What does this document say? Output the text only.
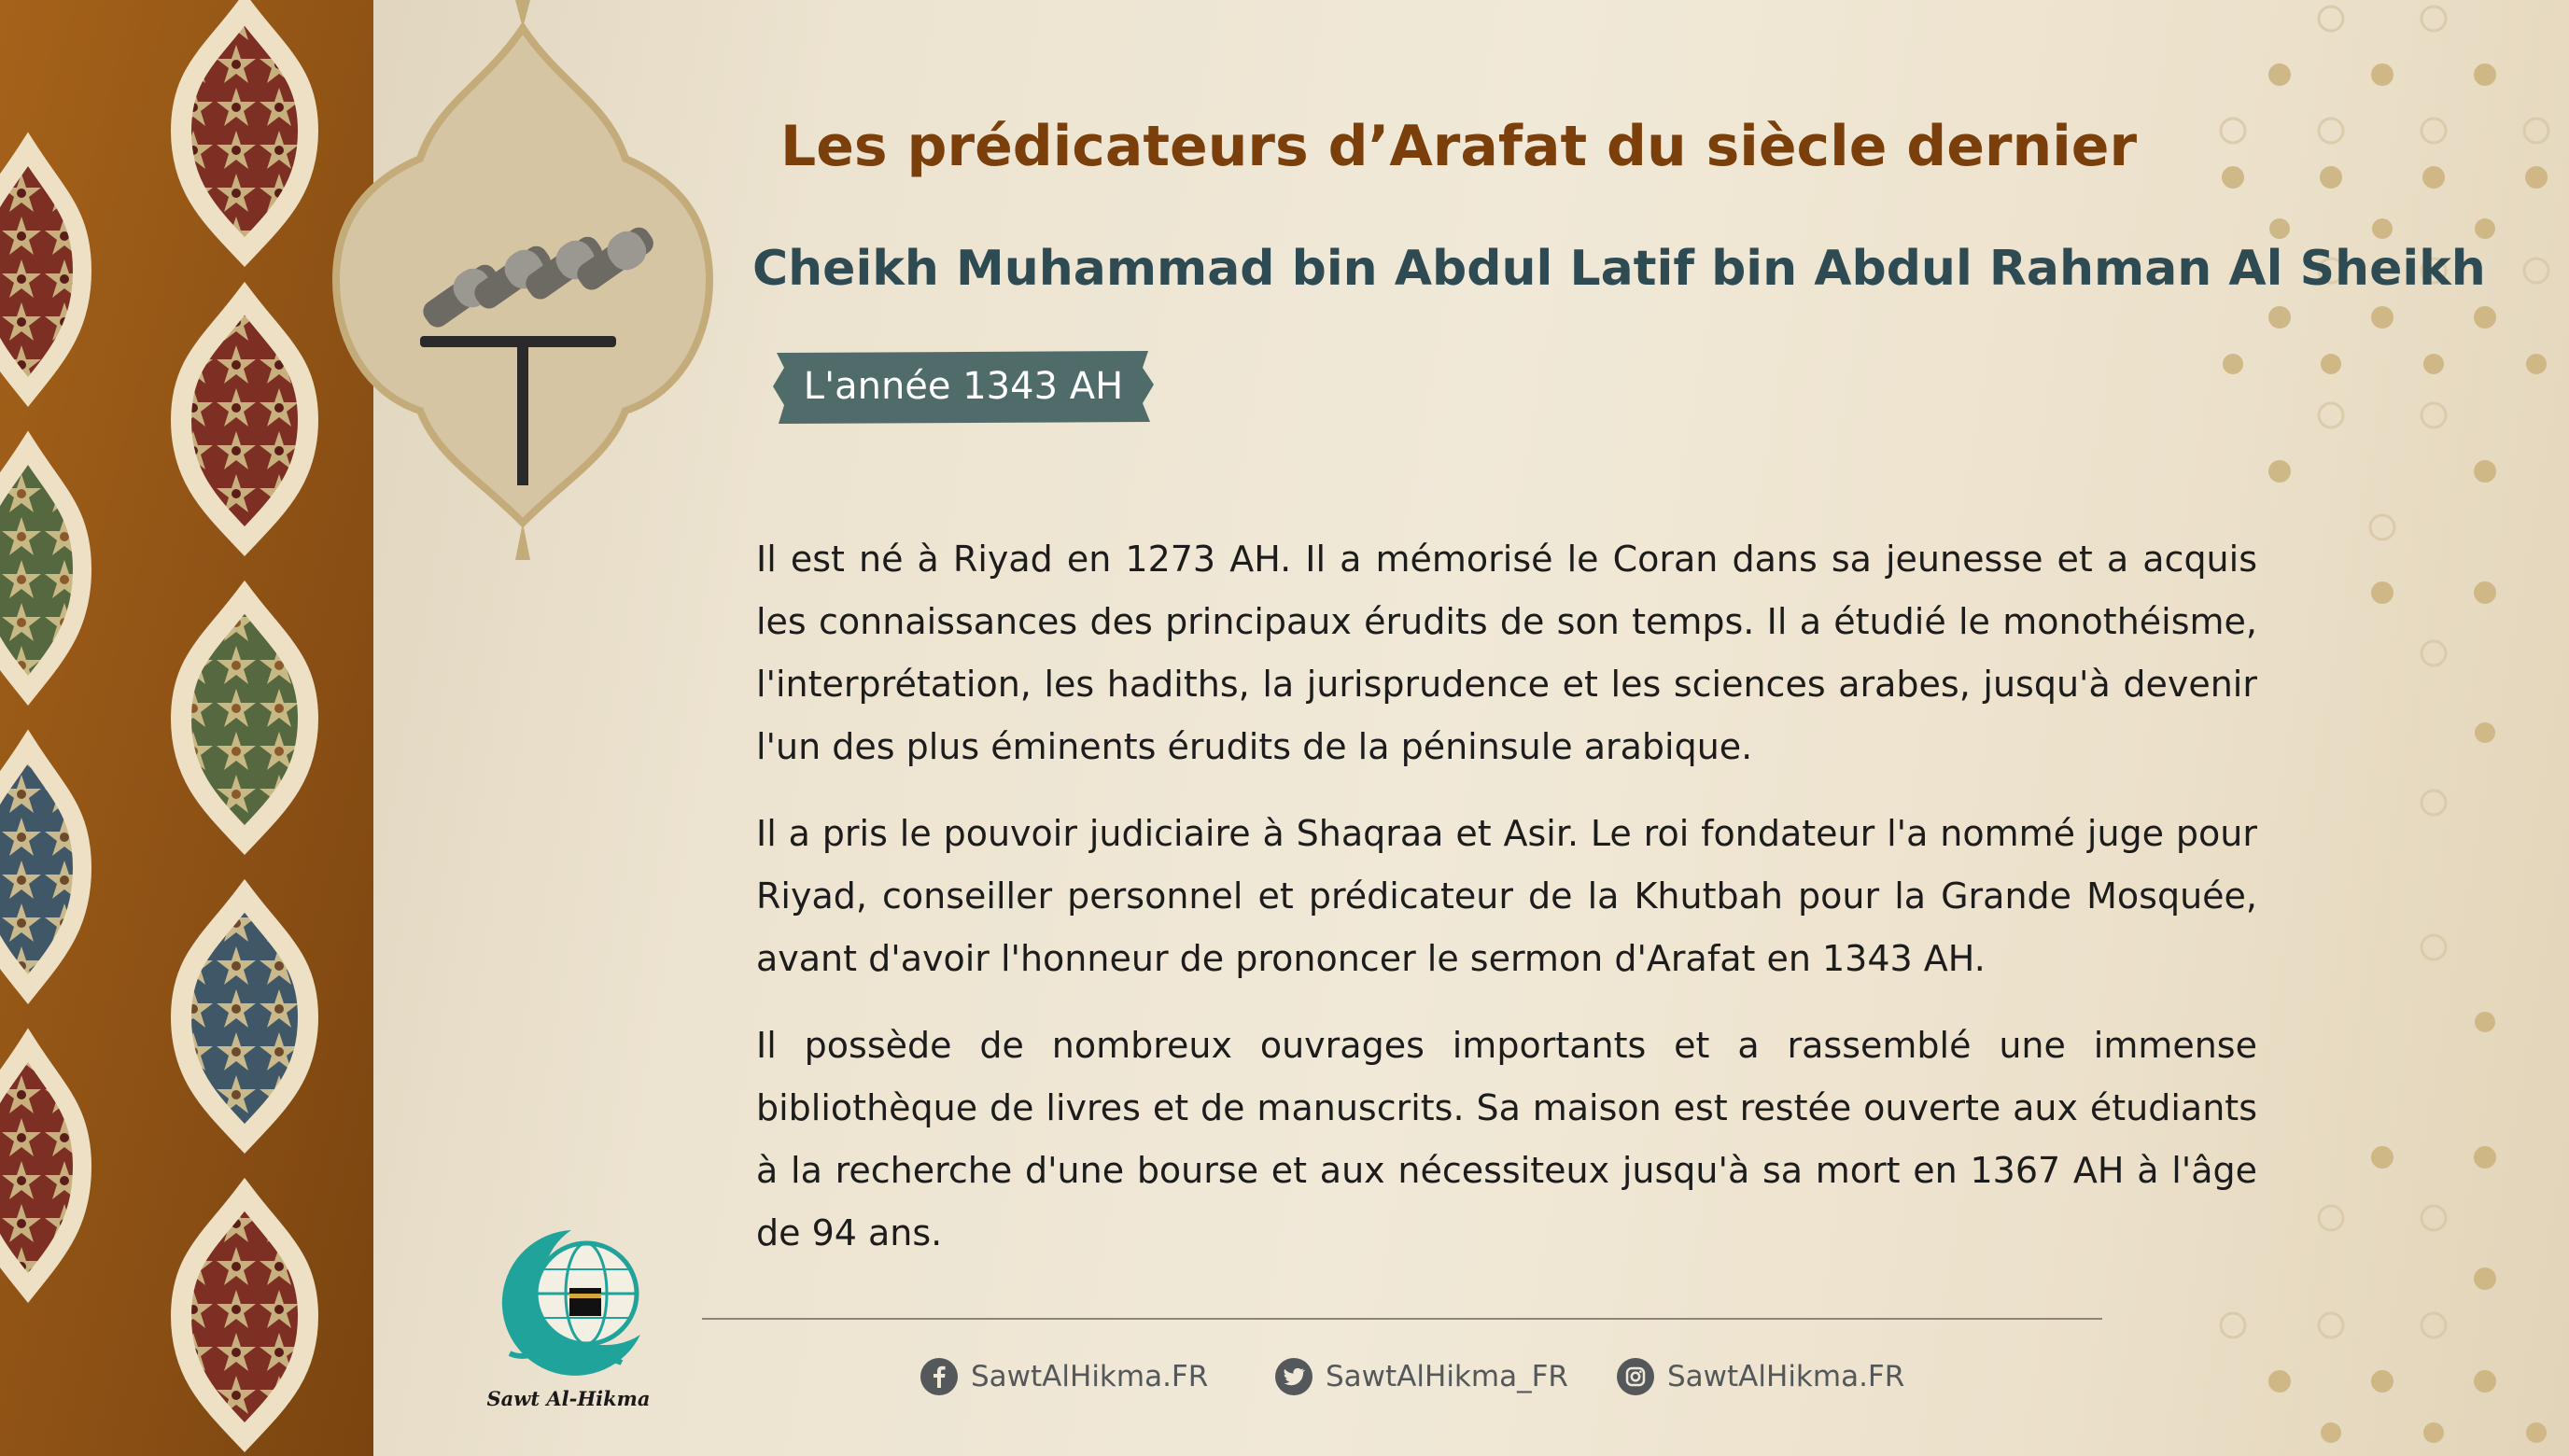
Les prédicateurs d’Arafat du siècle dernier
Cheikh Muhammad bin Abdul Latif bin Abdul Rahman Al Sheikh
L'année 1343 AH

Il est né à Riyad en 1273 AH. Il a mémorisé le Coran dans sa jeunesse et a acquis les connaissances des principaux érudits de son temps. Il a étudié le monothéisme, l'interprétation, les hadiths, la jurisprudence et les sciences arabes, jusqu'à devenir l'un des plus éminents érudits de la péninsule arabique.

Il a pris le pouvoir judiciaire à Shaqraa et Asir. Le roi fondateur l'a nommé juge pour Riyad, conseiller personnel et prédicateur de la Khutbah pour la Grande Mosquée, avant d'avoir l'honneur de prononcer le sermon d'Arafat en 1343 AH.

Il possède de nombreux ouvrages importants et a rassemblé une immense bibliothèque de livres et de manuscrits. Sa maison est restée ouverte aux étudiants à la recherche d'une bourse et aux nécessiteux jusqu'à sa mort en 1367 AH à l'âge de 94 ans.

Sawt Al-Hikma
SawtAlHikma.FR	SawtAlHikma_FR	SawtAlHikma.FR
